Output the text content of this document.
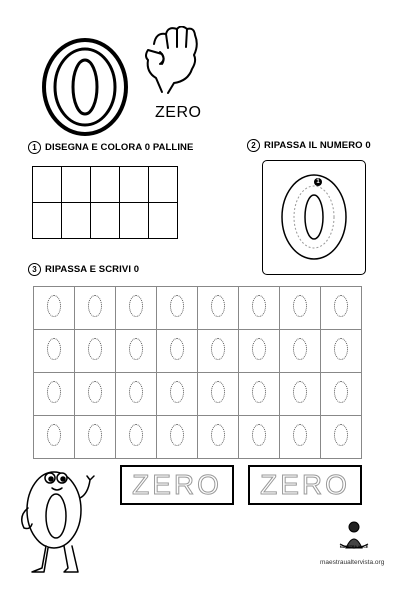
ZERO
1 DISEGNA E COLORA 0 PALLINE

					2 RIPASSA IL NUMERO 0
1
3 RIPASSA E SCRIVI 0

ZERO ZERO
MAESTRA ALICE
maestraualtervista.org
